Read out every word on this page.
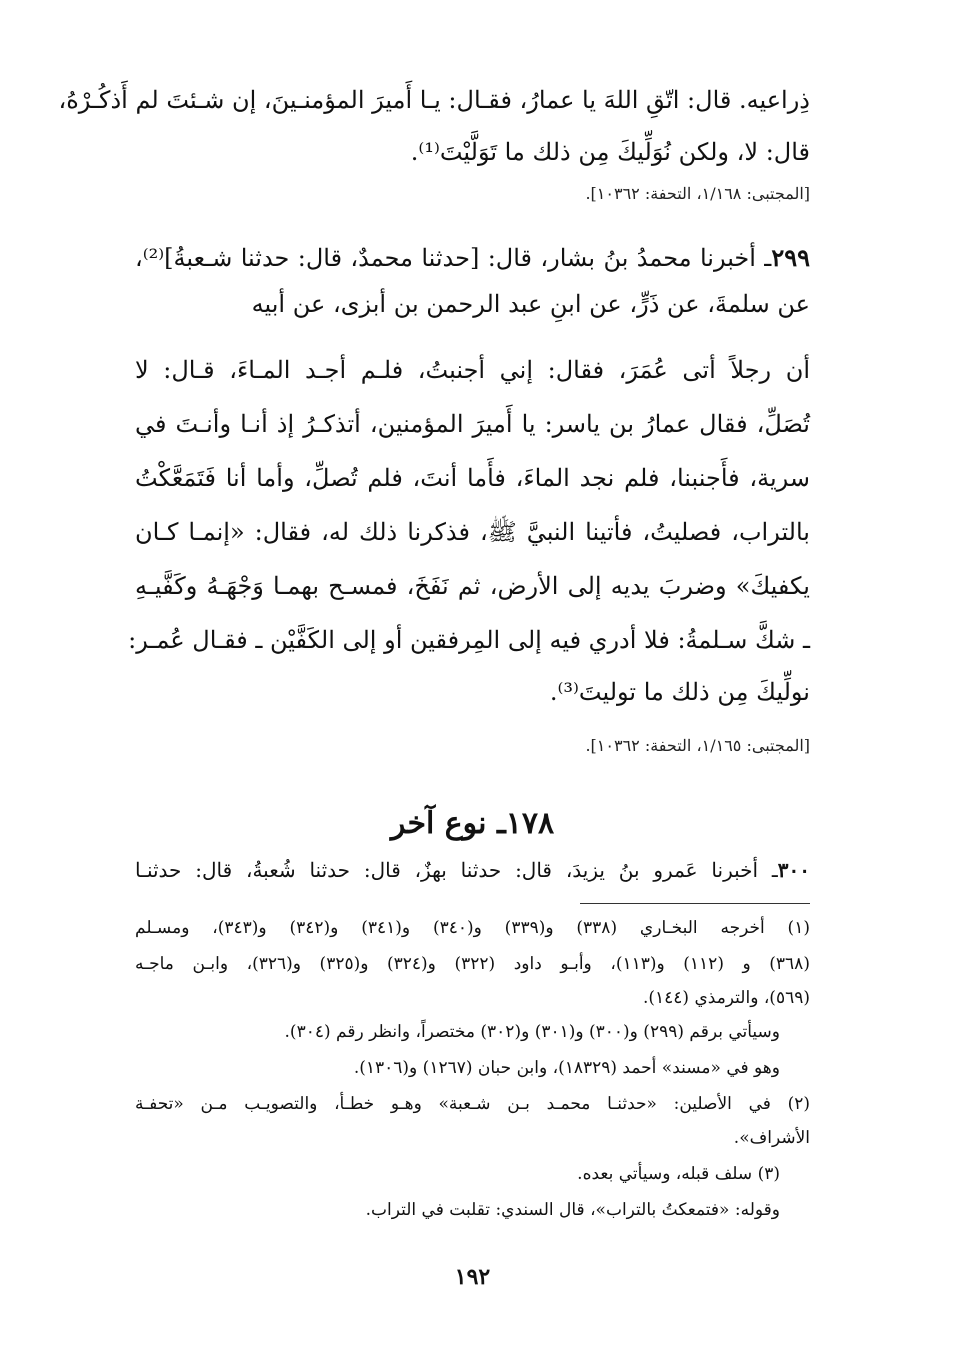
ذِراعيه. قال: اتّقِ اللهَ يا عمارُ، فقـال: يـا أَميرَ المؤمنـينَ، إن شـئتَ لم أَذكُـرْهُ،
قال: لا، ولكن نُوَلِّيكَ مِن ذلك ما تَوَلَّيْتَ⁽¹⁾.
[المجتبى: ١/١٦٨، التحفة: ١٠٣٦٢].
٢٩٩ـ أخبرنا محمدُ بنُ بشار، قال: [حدثنا محمدٌ، قال: حدثنا شـعبةُ]⁽²⁾،
عن سلمةَ، عن ذَرٍّ، عن ابنِ عبد الرحمن بن أبزى، عن أبيه
أن رجلاً أتى عُمَرَ، فقال: إني أجنبتُ، فلـم أجـد المـاءَ، قـال: لا
تُصَلِّ، فقال عمارُ بن ياسر: يا أَميرَ المؤمنين، أتذكـرُ إذ أنـا وأنـتَ في
سرية، فأَجنبنا، فلم نجد الماءَ، فأَما أنتَ، فلم تُصلِّ، وأما أنا فَتَمَعَّكْتُ
بالتراب، فصليتُ، فأتينا النبيَّ ﷺ، فذكرنا ذلك له، فقال: «إنمـا كـان
يكفيكَ» وضربَ يديه إلى الأرض، ثم نَفَخَ، فمسـح بهمـا وَجْهَـهُ وكَفَّيـهِ
ـ شكَّ سـلمةُ: فلا أدري فيه إلى المِرفقين أو إلى الكَفَّيْن ـ فقـال عُمـر:
نولِّيكَ مِن ذلك ما توليتَ⁽³⁾.
[المجتبى: ١/١٦٥، التحفة: ١٠٣٦٢].
١٧٨ـ نوع آخر
٣٠٠ـ أخبرنا عَمرو بنُ يزيدَ، قال: حدثنا بهزٌ، قال: حدثنا شُعبةُ، قال: حدثنـا
(١) أخرجه البخـاري (٣٣٨) و(٣٣٩) و(٣٤٠) و(٣٤١) و(٣٤٢) و(٣٤٣)، ومسـلم
(٣٦٨) و (١١٢) و(١١٣)، وأبـو داود (٣٢٢) و(٣٢٤) و(٣٢٥) و(٣٢٦)، وابـن ماجـه
(٥٦٩)، والترمذي (١٤٤).
وسيأتي برقم (٢٩٩) و(٣٠٠) و(٣٠١) و(٣٠٢) مختصراً، وانظر رقم (٣٠٤).
وهو في «مسند» أحمد (١٨٣٢٩)، وابن حبان (١٢٦٧) و(١٣٠٦).
(٢) في الأصلين: «حدثنـا محمـد بـن شـعبة» وهـو خطـأ، والتصويـب مـن «تحفـة
الأشراف».
(٣) سلف قبله، وسيأتي بعده.
وقوله: «فتمعكتُ بالتراب»، قال السندي: تقلبت في التراب.
١٩٢
